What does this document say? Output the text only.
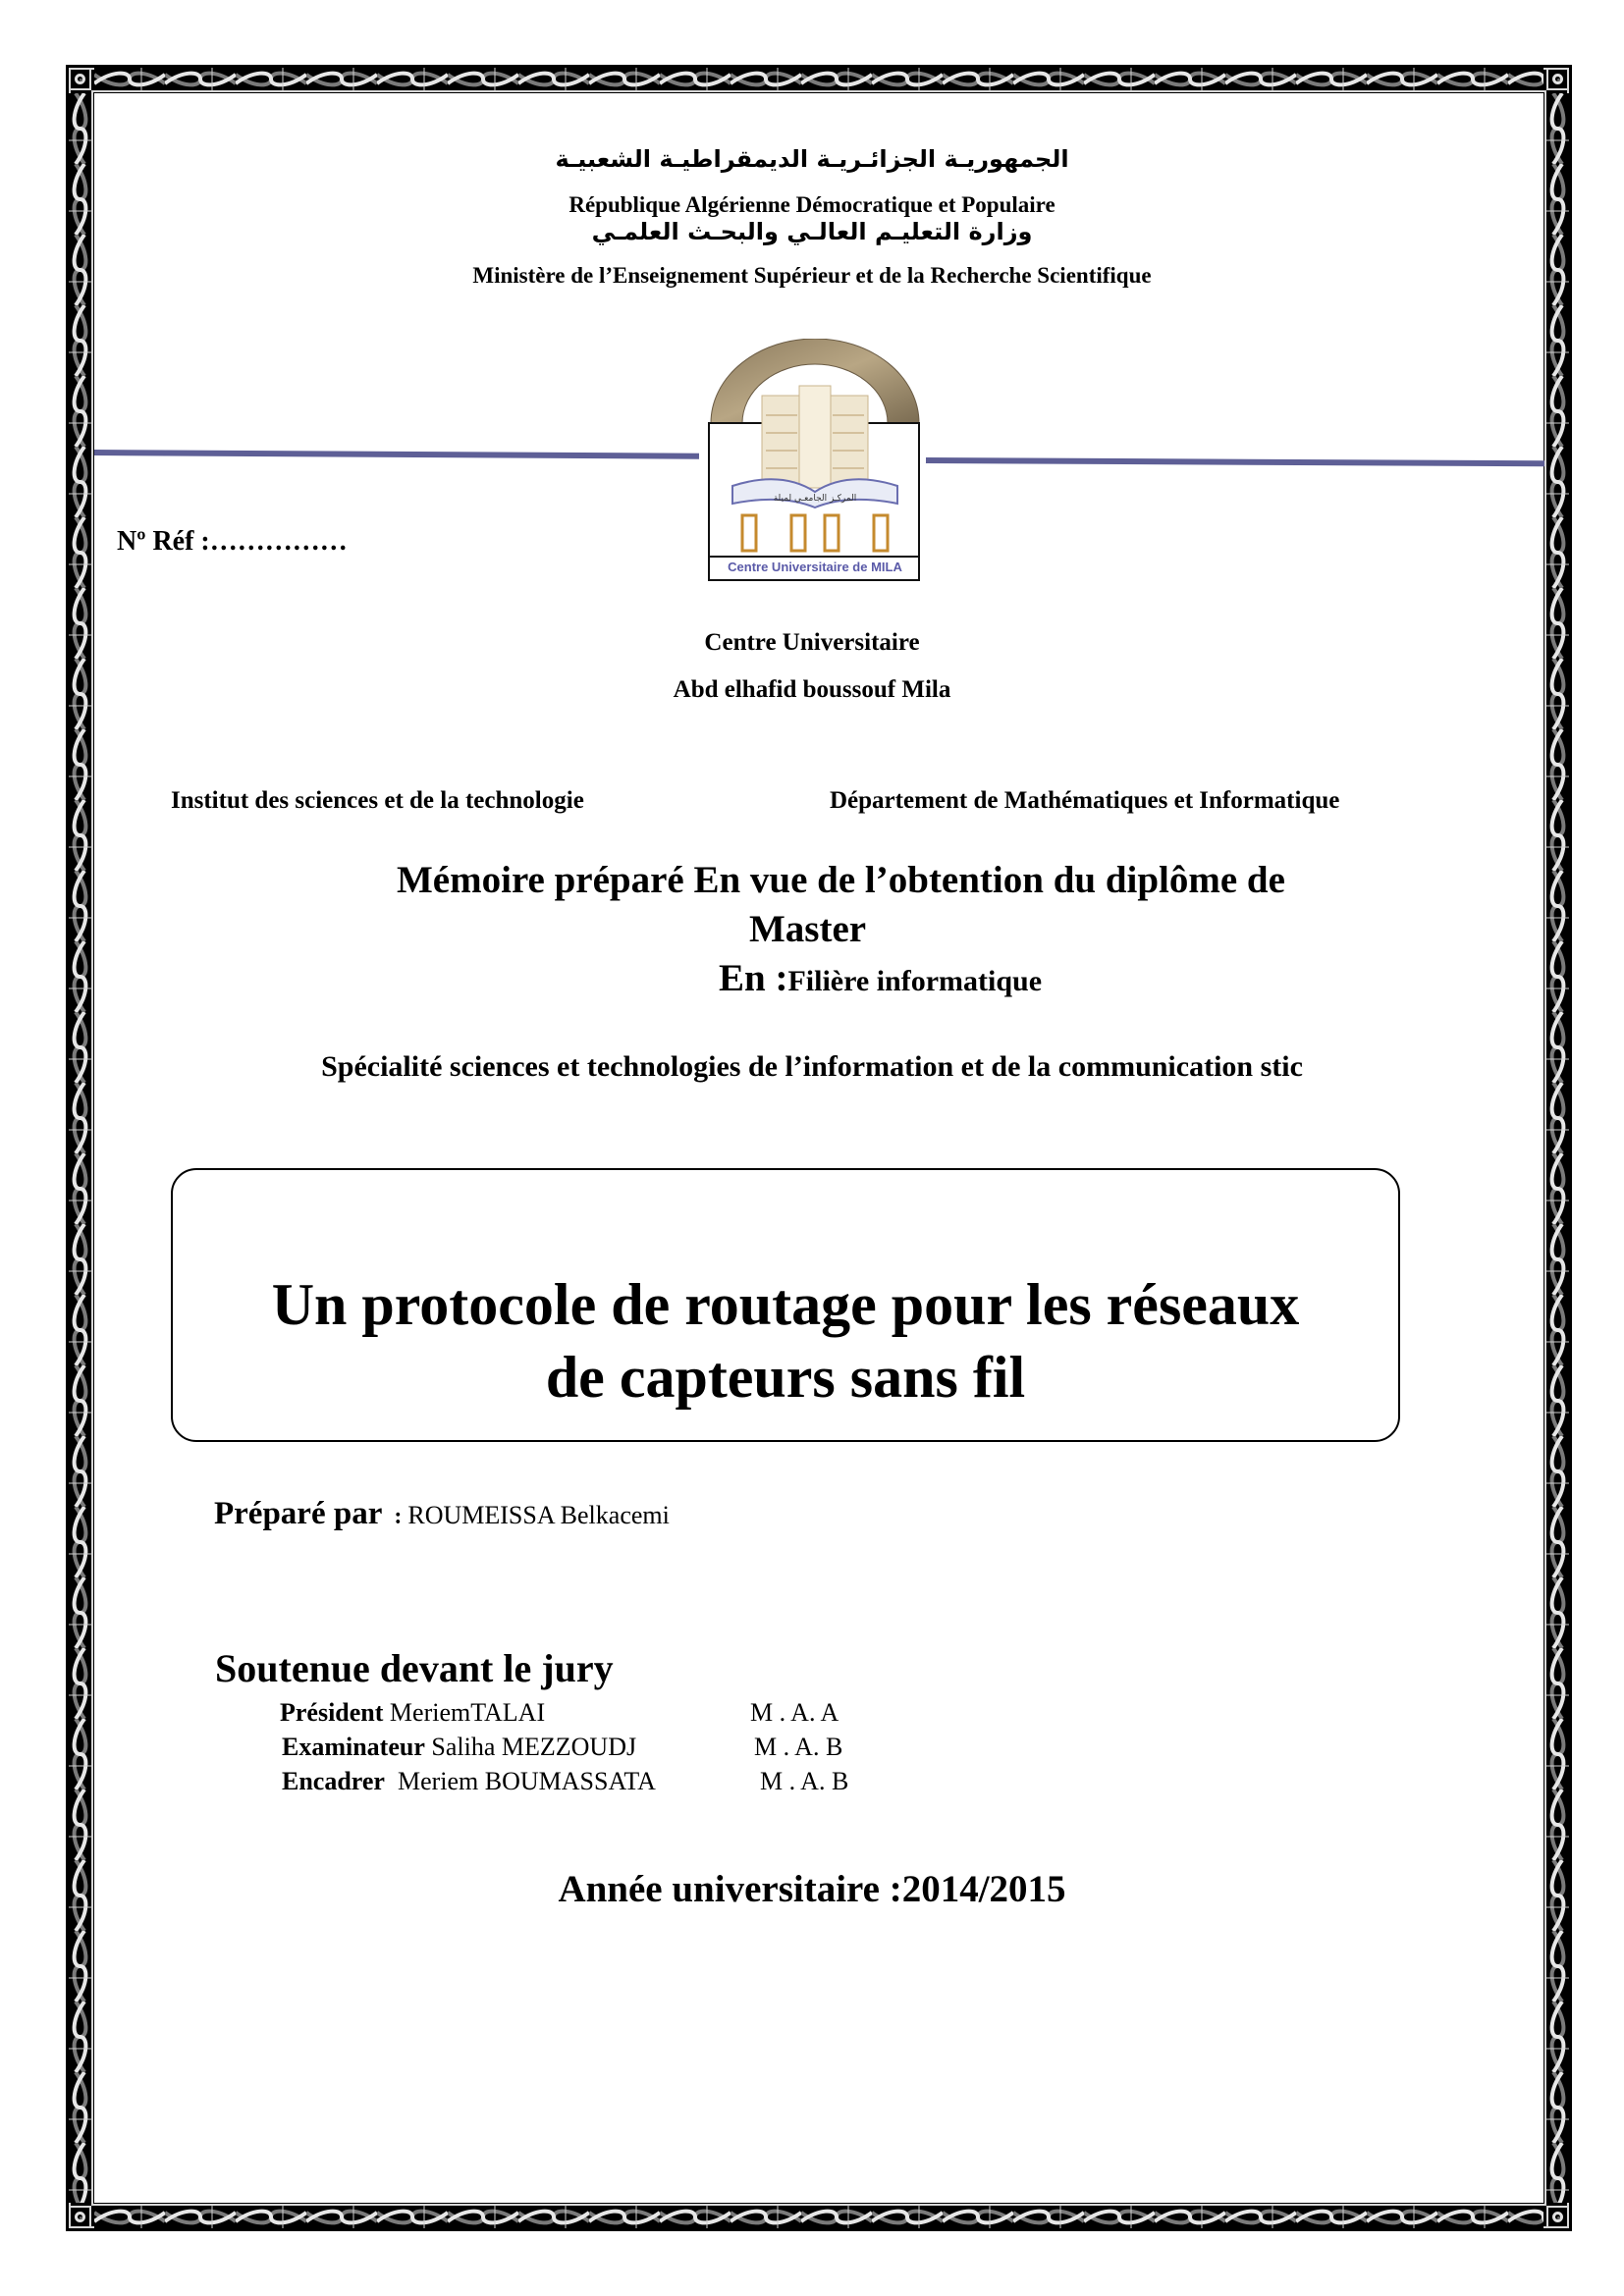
الجمهوريـة الجزائـريـة الديمقراطيـة الشعبيـة
République Algérienne Démocratique et Populaire
وزارة التعليـم العالـي والبحـث العلمـي
Ministère de l’Enseignement Supérieur et de la Recherche Scientifique
المركـز الجامعـي لميلة
Centre Universitaire de MILA
Nº Réf :……………
Centre Universitaire
Abd elhafid boussouf Mila
Institut des sciences et de la technologie	Département de Mathématiques et Informatique
Mémoire préparé En vue de l’obtention du diplôme de
Master
En :Filière informatique
Spécialité sciences et technologies de l’information et de la communication stic
Un protocole de routage pour les réseaux
de capteurs sans fil
Préparé par : ROUMEISSA Belkacemi
Soutenue devant le jury
Président MeriemTALAI	M . A. A
Examinateur Saliha MEZZOUDJ	M . A. B
Encadrer  Meriem BOUMASSATA	M . A. B
Année universitaire :2014/2015
